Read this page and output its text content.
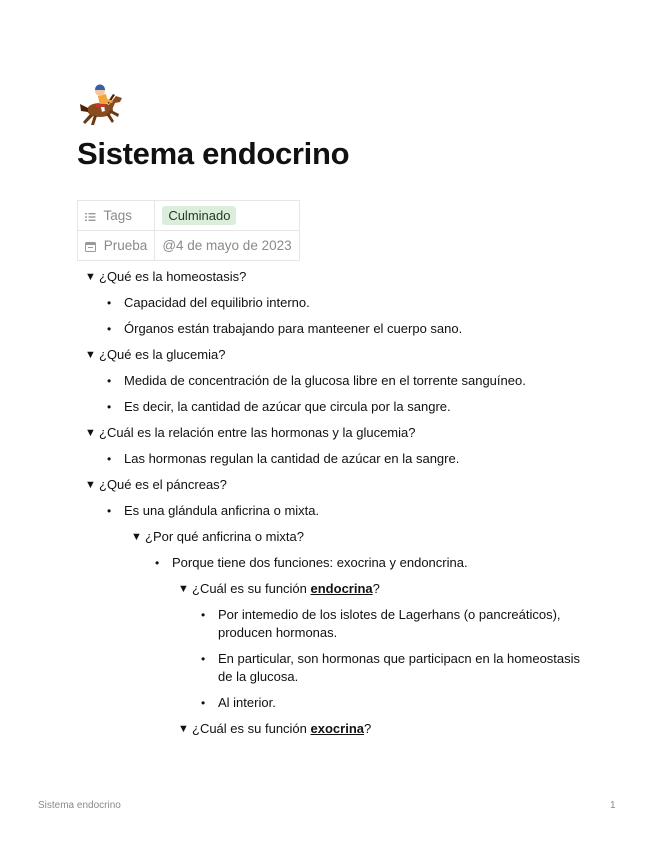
Sistema endocrino
Tags	Culminado
Prueba	@4 de mayo de 2023
▼ ¿Qué es la homeostasis?
• Capacidad del equilibrio interno.
• Órganos están trabajando para manteener el cuerpo sano.
▼ ¿Qué es la glucemia?
• Medida de concentración de la glucosa libre en el torrente sanguíneo.
• Es decir, la cantidad de azúcar que circula por la sangre.
▼ ¿Cuál es la relación entre las hormonas y la glucemia?
• Las hormonas regulan la cantidad de azúcar en la sangre.
▼ ¿Qué es el páncreas?
• Es una glándula anficrina o mixta.
▼ ¿Por qué anficrina o mixta?
• Porque tiene dos funciones: exocrina y endoncrina.
▼ ¿Cuál es su función endocrina?
• Por intemedio de los islotes de Lagerhans (o pancreáticos), producen hormonas.
• En particular, son hormonas que participacn en la homeostasis de la glucosa.
• Al interior.
▼ ¿Cuál es su función exocrina?
Sistema endocrino	1
